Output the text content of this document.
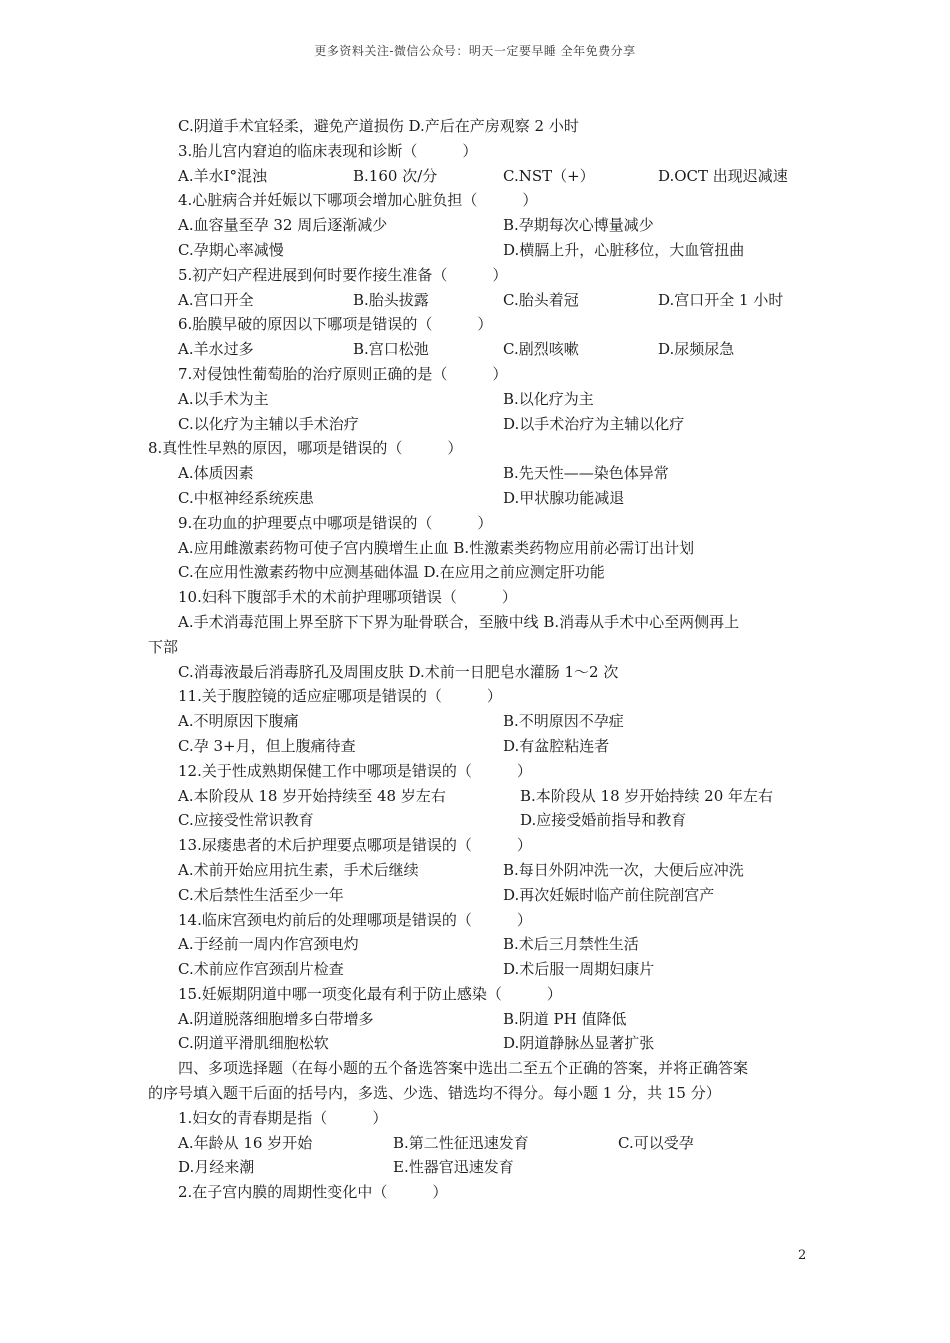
更多资料关注-微信公众号：明天一定要早睡 全年免费分享
C.阴道手术宜轻柔，避免产道损伤 D.产后在产房观察 2 小时
3.胎儿宫内窘迫的临床表现和诊断（　　　）
A.羊水Ⅰ°混浊	B.160 次/分	C.NST（+）	D.OCT 出现迟减速
4.心脏病合并妊娠以下哪项会增加心脏负担（　　　）
A.血容量至孕 32 周后逐渐减少	B.孕期每次心博量减少
C.孕期心率减慢	D.横膈上升，心脏移位，大血管扭曲
5.初产妇产程进展到何时要作接生准备（　　　）
A.宫口开全	B.胎头拔露	C.胎头着冠	D.宫口开全 1 小时
6.胎膜早破的原因以下哪项是错误的（　　　）
A.羊水过多	B.宫口松弛	C.剧烈咳嗽	D.尿频尿急
7.对侵蚀性葡萄胎的治疗原则正确的是（　　　）
A.以手术为主	B.以化疗为主
C.以化疗为主辅以手术治疗	D.以手术治疗为主辅以化疗
8.真性性早熟的原因，哪项是错误的（　　　）
A.体质因素	B.先天性——染色体异常
C.中枢神经系统疾患	D.甲状腺功能减退
9.在功血的护理要点中哪项是错误的（　　　）
A.应用雌激素药物可使子宫内膜增生止血 B.性激素类药物应用前必需订出计划
C.在应用性激素药物中应测基础体温 D.在应用之前应测定肝功能
10.妇科下腹部手术的术前护理哪项错误（　　　）
A.手术消毒范围上界至脐下下界为耻骨联合，至腋中线 B.消毒从手术中心至两侧再上
下部
C.消毒液最后消毒脐孔及周围皮肤 D.术前一日肥皂水灌肠 1～2 次
11.关于腹腔镜的适应症哪项是错误的（　　　）
A.不明原因下腹痛	B.不明原因不孕症
C.孕 3+月，但上腹痛待查	D.有盆腔粘连者
12.关于性成熟期保健工作中哪项是错误的（　　　）
A.本阶段从 18 岁开始持续至 48 岁左右	B.本阶段从 18 岁开始持续 20 年左右
C.应接受性常识教育	D.应接受婚前指导和教育
13.尿瘘患者的术后护理要点哪项是错误的（　　　）
A.术前开始应用抗生素，手术后继续	B.每日外阴冲洗一次，大便后应冲洗
C.术后禁性生活至少一年	D.再次妊娠时临产前住院剖宫产
14.临床宫颈电灼前后的处理哪项是错误的（　　　）
A.于经前一周内作宫颈电灼	B.术后三月禁性生活
C.术前应作宫颈刮片检查	D.术后服一周期妇康片
15.妊娠期阴道中哪一项变化最有利于防止感染（　　　）
A.阴道脱落细胞增多白带增多	B.阴道 PH 值降低
C.阴道平滑肌细胞松软	D.阴道静脉丛显著扩张
四、多项选择题（在每小题的五个备选答案中选出二至五个正确的答案，并将正确答案
的序号填入题干后面的括号内，多选、少选、错选均不得分。每小题 1 分，共 15 分）
1.妇女的青春期是指（　　　）
A.年龄从 16 岁开始	B.第二性征迅速发育	C.可以受孕
D.月经来潮	E.性器官迅速发育
2.在子宫内膜的周期性变化中（　　　）
2
